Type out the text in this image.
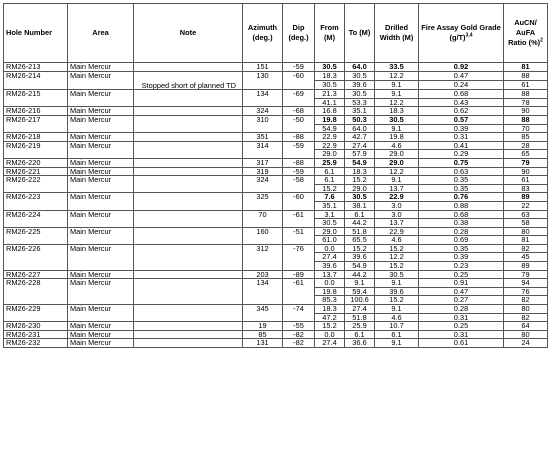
Hole Number	Area	Note	Azimuth (deg.)	Dip (deg.)	From (M)	To (M)	Drilled Width (M)	Fire Assay Gold Grade $(g/T)^{3,4}$	AuCN/ AuFA Ratio (%)$^2$
RM26-213	Main Mercur		151	-59	30.5	64.0	33.5	0.92	81
RM26-214	Main Mercur	Stopped short of planned TD	130	-60	18.3	30.5	12.2	0.47	88
					30.5	39.6	9.1	0.24	61
RM26-215	Main Mercur		134	-69	21.3	30.5	9.1	0.68	88
					41.1	53.3	12.2	0.43	78
RM26-216	Main Mercur		324	-68	16.8	35.1	18.3	0.62	90
RM26-217	Main Mercur		310	-50	19.8	50.3	30.5	0.57	88
					54.9	64.0	9.1	0.39	70
RM26-218	Main Mercur		351	-88	22.9	42.7	19.8	0.31	85
RM26-219	Main Mercur		314	-59	22.9	27.4	4.6	0.41	28
					29.0	57.9	29.0	0.29	65
RM26-220	Main Mercur		317	-88	25.9	54.9	29.0	0.75	79
RM26-221	Main Mercur		319	-59	6.1	18.3	12.2	0.63	90
RM26-222	Main Mercur		324	-58	6.1	15.2	9.1	0.35	61
					15.2	29.0	13.7	0.35	83
RM26-223	Main Mercur		325	-60	7.6	30.5	22.9	0.76	89
					35.1	38.1	3.0	0.88	22
RM26-224	Main Mercur		70	-61	3.1	6.1	3.0	0.68	63
					30.5	44.2	13.7	0.38	58
RM26-225	Main Mercur		160	-51	29.0	51.8	22.9	0.28	80
					61.0	65.5	4.6	0.69	81
RM26-226	Main Mercur		312	-76	0.0	15.2	15.2	0.35	82
					27.4	39.6	12.2	0.39	45
					39.6	54.9	15.2	0.23	89
RM26-227	Main Mercur		203	-89	13.7	44.2	30.5	0.25	79
RM26-228	Main Mercur		134	-61	0.0	9.1	9.1	0.91	94
					19.8	59.4	39.6	0.47	76
					85.3	100.6	15.2	0.27	82
RM26-229	Main Mercur		345	-74	18.3	27.4	9.1	0.28	80
					47.2	51.8	4.6	0.31	82
RM26-230	Main Mercur		19	-55	15.2	25.9	10.7	0.25	64
RM26-231	Main Mercur		85	-82	0.0	6.1	6.1	0.31	80
RM26-232	Main Mercur		131	-82	27.4	36.6	9.1	0.61	24
